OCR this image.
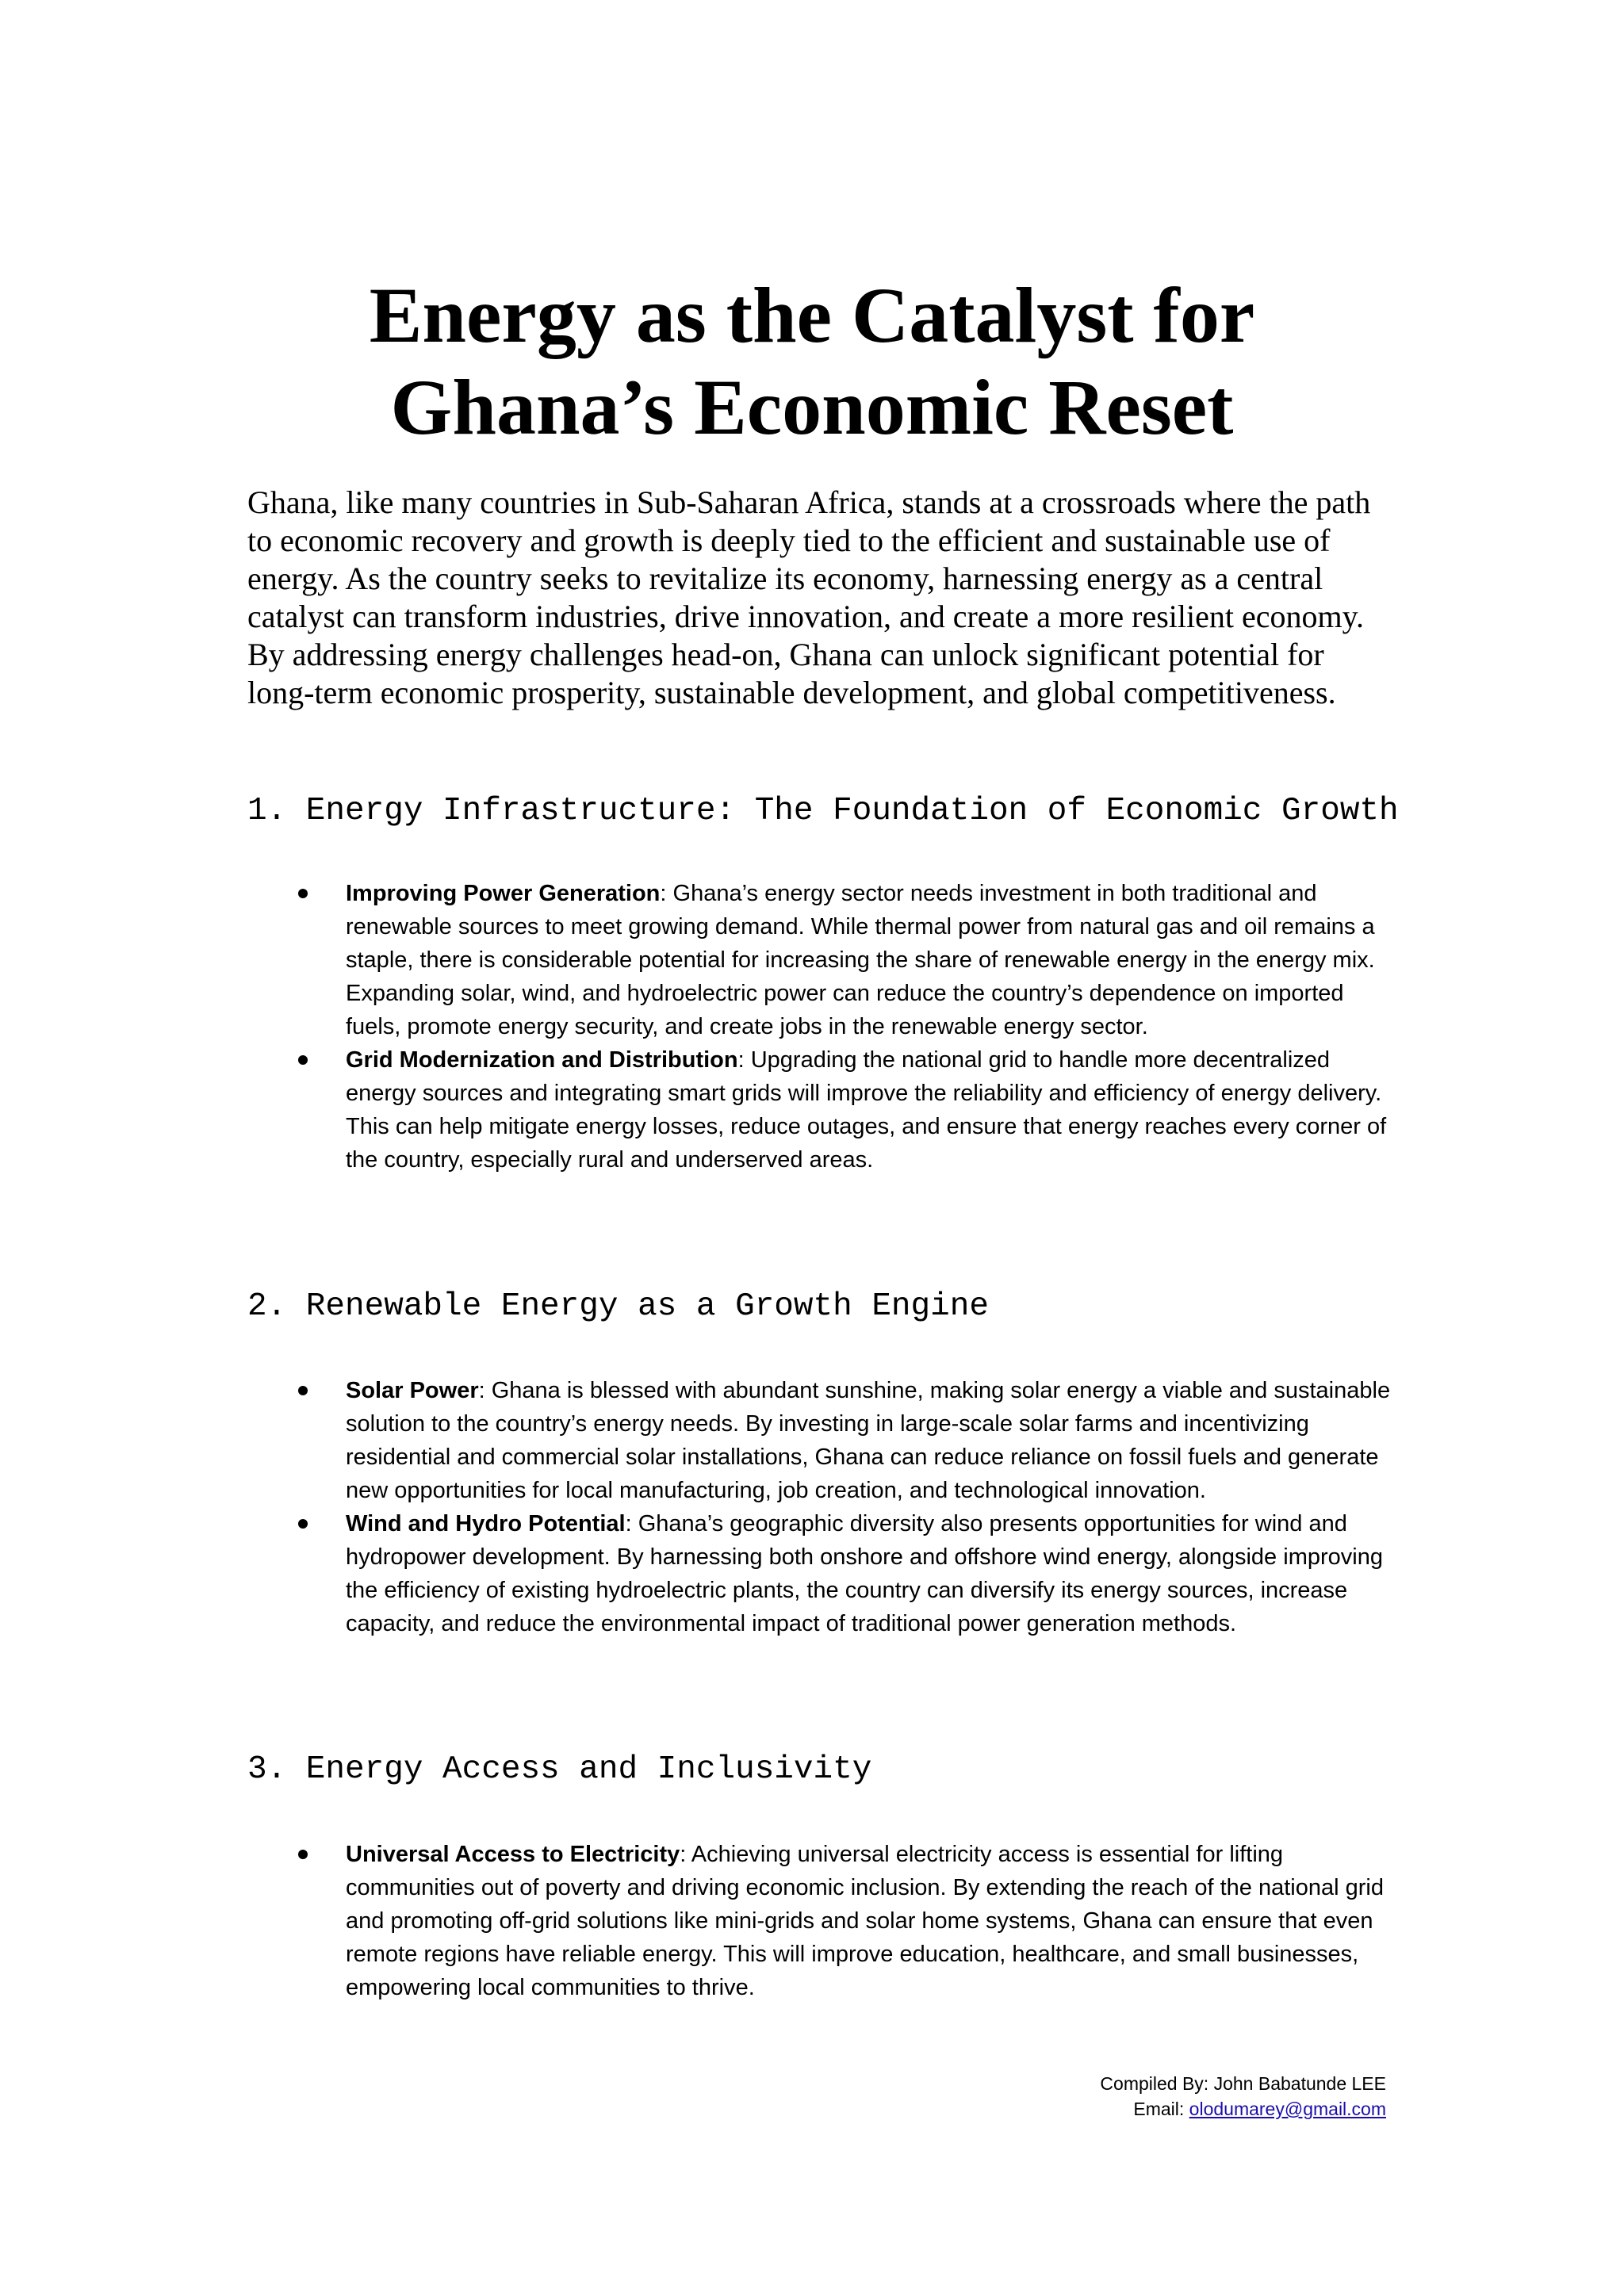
Energy as the Catalyst for
Ghana’s Economic Reset

Ghana, like many countries in Sub-Saharan Africa, stands at a crossroads where the path to economic recovery and growth is deeply tied to the efficient and sustainable use of energy. As the country seeks to revitalize its economy, harnessing energy as a central catalyst can transform industries, drive innovation, and create a more resilient economy. By addressing energy challenges head-on, Ghana can unlock significant potential for long-term economic prosperity, sustainable development, and global competitiveness.

1. Energy Infrastructure: The Foundation of Economic Growth
Improving Power Generation: Ghana’s energy sector needs investment in both traditional and renewable sources to meet growing demand. While thermal power from natural gas and oil remains a staple, there is considerable potential for increasing the share of renewable energy in the energy mix. Expanding solar, wind, and hydroelectric power can reduce the country’s dependence on imported fuels, promote energy security, and create jobs in the renewable energy sector.
Grid Modernization and Distribution: Upgrading the national grid to handle more decentralized energy sources and integrating smart grids will improve the reliability and efficiency of energy delivery. This can help mitigate energy losses, reduce outages, and ensure that energy reaches every corner of the country, especially rural and underserved areas.
2. Renewable Energy as a Growth Engine
Solar Power: Ghana is blessed with abundant sunshine, making solar energy a viable and sustainable solution to the country’s energy needs. By investing in large-scale solar farms and incentivizing residential and commercial solar installations, Ghana can reduce reliance on fossil fuels and generate new opportunities for local manufacturing, job creation, and technological innovation.
Wind and Hydro Potential: Ghana’s geographic diversity also presents opportunities for wind and hydropower development. By harnessing both onshore and offshore wind energy, alongside improving the efficiency of existing hydroelectric plants, the country can diversify its energy sources, increase capacity, and reduce the environmental impact of traditional power generation methods.
3. Energy Access and Inclusivity
Universal Access to Electricity: Achieving universal electricity access is essential for lifting communities out of poverty and driving economic inclusion. By extending the reach of the national grid and promoting off-grid solutions like mini-grids and solar home systems, Ghana can ensure that even remote regions have reliable energy. This will improve education, healthcare, and small businesses, empowering local communities to thrive.
Compiled By: John Babatunde LEE
Email: olodumarey@gmail.com
